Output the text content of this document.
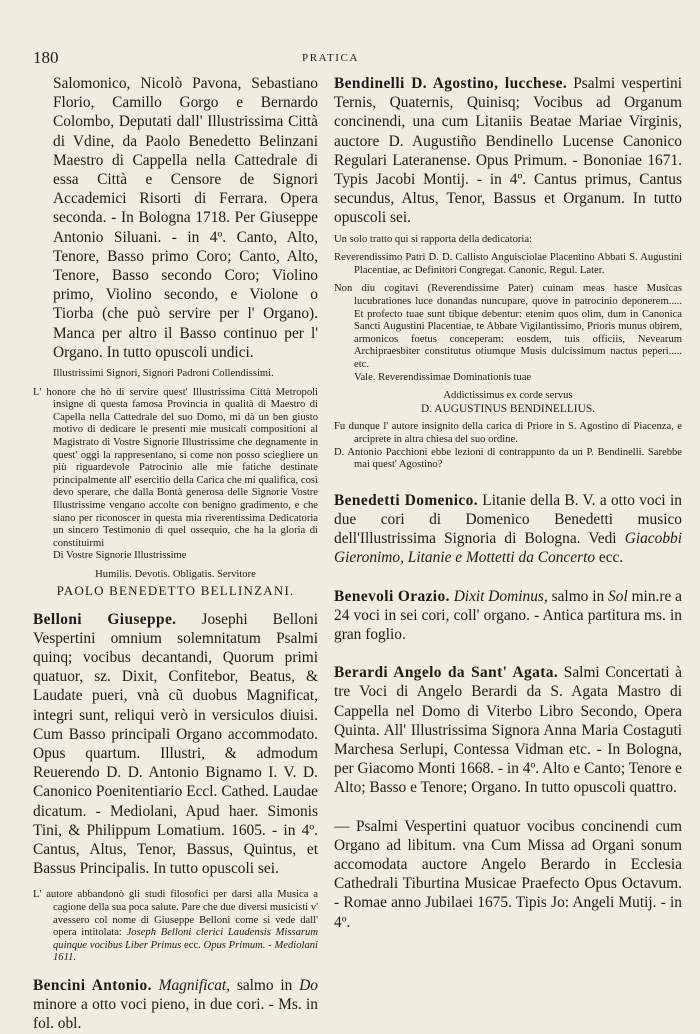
180	PRATICA

Salomonico, Nicolò Pavona, Sebastiano Florio, Camillo Gorgo e Bernardo Colombo, Deputati dall' Illustrissima Città di Vdine, da Paolo Benedetto Belinzani Maestro di Cappella nella Cattedrale di essa Città e Censore de Signori Accademici Risorti di Ferrara. Opera seconda. - In Bologna 1718. Per Giuseppe Antonio Siluani. - in 4º. Canto, Alto, Tenore, Basso primo Coro; Canto, Alto, Tenore, Basso secondo Coro; Violino primo, Violino secondo, e Violone o Tiorba (che può servire per l' Organo). Manca per altro il Basso continuo per l' Organo. In tutto opuscoli undici.

Illustrissimi Signori, Signori Padroni Collendissimi.

L' honore che hò di servire quest' Illustrissima Città Metropoli insigne di questa famosa Provincia in qualità di Maestro di Capella nella Cattedrale del suo Domo, mi dà un ben giusto motivo di dedicare le presenti mie musicali compositioni al Magistrato di Vostre Signorie Illustrissime che degnamente in quest' oggi la rappresentano, si come non posso scieglierе un più riguardevole Patrocinio alle mie fatiche destinate principalmente all' esercitio della Carica che mi qualifica, così devo sperare, che dalla Bontà generosa delle Signorie Vostre Illustrissime vengano accolte con benigno gradimento, e che siano per riconoscer in questa mia riverentissima Dedicatoria un sincero Testimonio di quel ossequio, che ha la gloria di constituirmi

Di Vostre Signorie Illustrissime

Humilis. Devotis. Obligatis. Servitore

PAOLO BENEDETTO BELLINZANI.

Belloni Giuseppe. Josephi Belloni Vespertini omnium solemnitatum Psalmi quinq; vocibus decantandi, Quorum primi quatuor, sz. Dixit, Confitebor, Beatus, & Laudate pueri, vnà cũ duobus Magnificat, integri sunt, reliqui verò in versiculos diuisi. Cum Basso principali Organo accommodato. Opus quartum. Illustri, & admodum Reuerendo D. D. Antonio Bignamo I. V. D. Canonico Poenitentiario Eccl. Cathed. Laudae dicatum. - Mediolani, Apud haer. Simonis Tini, & Philippum Lomatium. 1605. - in 4º. Cantus, Altus, Tenor, Bassus, Quintus, et Bassus Principalis. In tutto opuscoli sei.

L' autore abbandonò gli studi filosofici per darsi alla Musica a cagione della sua poca salute. Pare che due diversi musicisti v' avessero col nome di Giuseppe Belloni come si vede dall' opera intitolata: Joseph Belloni clerici Laudensis Missarum quinque vocibus Liber Primus ecc. Opus Primum. - Mediolani 1611.

Bencini Antonio. Magnificat, salmo in Do minore a otto voci pieno, in due cori. - Ms. in fol. obl.

Bendinelli D. Agostino, lucchese. Psalmi vespertini Ternis, Quaternis, Quinisq; Vocibus ad Organum concinendi, una cum Litaniis Beatae Mariae Virginis, auctore D. Augustiño Bendinello Lucense Canonico Regulari Lateranense. Opus Primum. - Bononiae 1671. Typis Jacobi Montij. - in 4º. Cantus primus, Cantus secundus, Altus, Tenor, Bassus et Organum. In tutto opuscoli sei.

Un solo tratto qui si rapporta della dedicatoria:

Reverendissimo Patri D. D. Callisto Anguisciolae Placentino Abbati S. Augustini Placentiae, ac Definitori Congregat. Canonic. Regul. Later.

Non diu cogitavi (Reverendissime Pater) cuinam meas hasce Musicas lucubrationes luce donandas nuncupare, quove in patrocinio deponerem..... Et profecto tuae sunt tibique debentur: etenim quos olim, dum in Canonica Sancti Augustini Placentiae, te Abbate Vigilantissimo, Prioris munus obirem, armonicos foetus conceperam: eosdem, tuis officiis, Nevearum Archipraesbiter constitutus otiumque Musis dulcissimum nactus peperi..... etc.

Vale. Reverendissimae Dominationis tuae

Addictissimus ex corde servus

D. AUGUSTINUS BENDINELLIUS.

Fu dunque l' autore insignito della carica di Priore in S. Agostino di Piacenza, e arciprete in altra chiesa del suo ordine.

D. Antonio Pacchioni ebbe lezioni di contrappunto da un P. Bendinelli. Sarebbe mai quest' Agostino?

Benedetti Domenico. Litanie della B. V. a otto voci in due cori di Domenico Benedetti musico dell'Illustrissima Signoria di Bologna. Vedi Giacobbi Gieronimo, Litanie e Mottetti da Concerto ecc.

Benevoli Orazio. Dixit Dominus, salmo in Sol min.re a 24 voci in sei cori, coll' organo. - Antica partitura ms. in gran foglio.

Berardi Angelo da Sant' Agata. Salmi Concertati à tre Voci di Angelo Berardi da S. Agata Mastro di Cappella nel Domo di Viterbo Libro Secondo, Opera Quinta. All' Illustrissima Signora Anna Maria Costaguti Marchesa Serlupi, Contessa Vidman etc. - In Bologna, per Giacomo Monti 1668. - in 4º. Alto e Canto; Tenore e Alto; Basso e Tenore; Organo. In tutto opuscoli quattro.

— Psalmi Vespertini quatuor vocibus concinendi cum Organo ad libitum. vna Cum Missa ad Organi sonum accomodata auctore Angelo Berardo in Ecclesia Cathedrali Tiburtina Musicae Praefecto Opus Octavum. - Romae anno Jubilaei 1675. Tipis Jo: Angeli Mutij. - in 4º.
